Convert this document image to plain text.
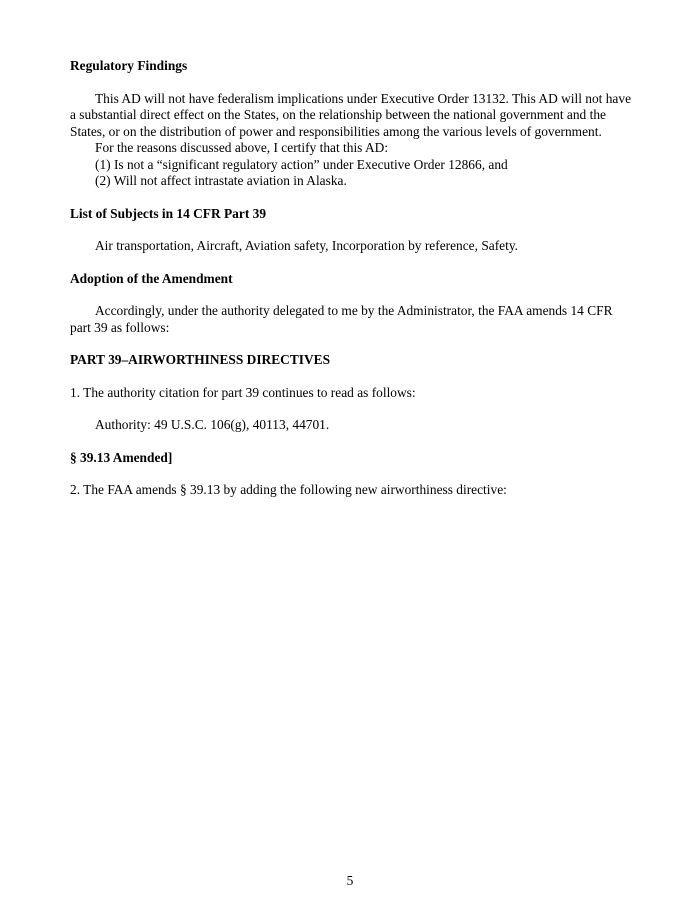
Regulatory Findings

This AD will not have federalism implications under Executive Order 13132. This AD will not have a substantial direct effect on the States, on the relationship between the national government and the States, or on the distribution of power and responsibilities among the various levels of government.

For the reasons discussed above, I certify that this AD:

(1) Is not a “significant regulatory action” under Executive Order 12866, and

(2) Will not affect intrastate aviation in Alaska.

List of Subjects in 14 CFR Part 39

Air transportation, Aircraft, Aviation safety, Incorporation by reference, Safety.

Adoption of the Amendment

Accordingly, under the authority delegated to me by the Administrator, the FAA amends 14 CFR part 39 as follows:

PART 39–AIRWORTHINESS DIRECTIVES

1. The authority citation for part 39 continues to read as follows:

Authority: 49 U.S.C. 106(g), 40113, 44701.

§ 39.13 Amended]

2. The FAA amends § 39.13 by adding the following new airworthiness directive:

5
